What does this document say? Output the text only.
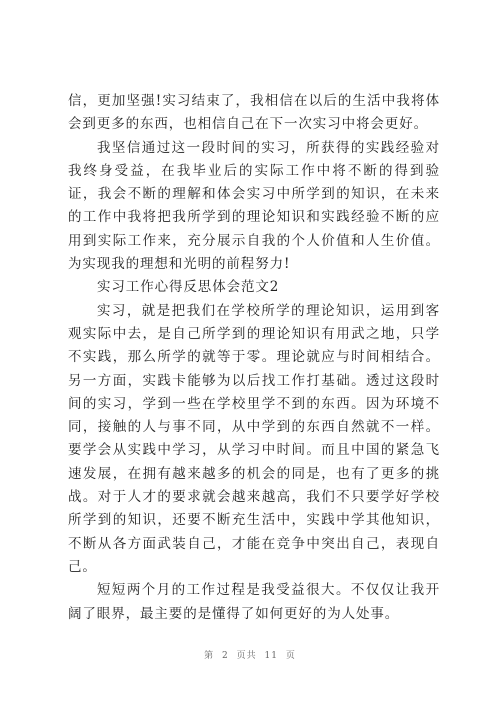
信，更加坚强!实习结束了，我相信在以后的生活中我将体会到更多的东西，也相信自己在下一次实习中将会更好。

我坚信通过这一段时间的实习，所获得的实践经验对我终身受益，在我毕业后的实际工作中将不断的得到验证，我会不断的理解和体会实习中所学到的知识，在未来的工作中我将把我所学到的理论知识和实践经验不断的应用到实际工作来，充分展示自我的个人价值和人生价值。为实现我的理想和光明的前程努力!

实习工作心得反思体会范文2

实习，就是把我们在学校所学的理论知识，运用到客观实际中去，是自己所学到的理论知识有用武之地，只学不实践，那么所学的就等于零。理论就应与时间相结合。另一方面，实践卡能够为以后找工作打基础。透过这段时间的实习，学到一些在学校里学不到的东西。因为环境不同，接触的人与事不同，从中学到的东西自然就不一样。要学会从实践中学习，从学习中时间。而且中国的紧急飞速发展，在拥有越来越多的机会的同是，也有了更多的挑战。对于人才的要求就会越来越高，我们不只要学好学校所学到的知识，还要不断充生活中，实践中学其他知识，不断从各方面武装自己，才能在竞争中突出自己，表现自己。

短短两个月的工作过程是我受益很大。不仅仅让我开阔了眼界，最主要的是懂得了如何更好的为人处事。

第 2 页共 11 页
